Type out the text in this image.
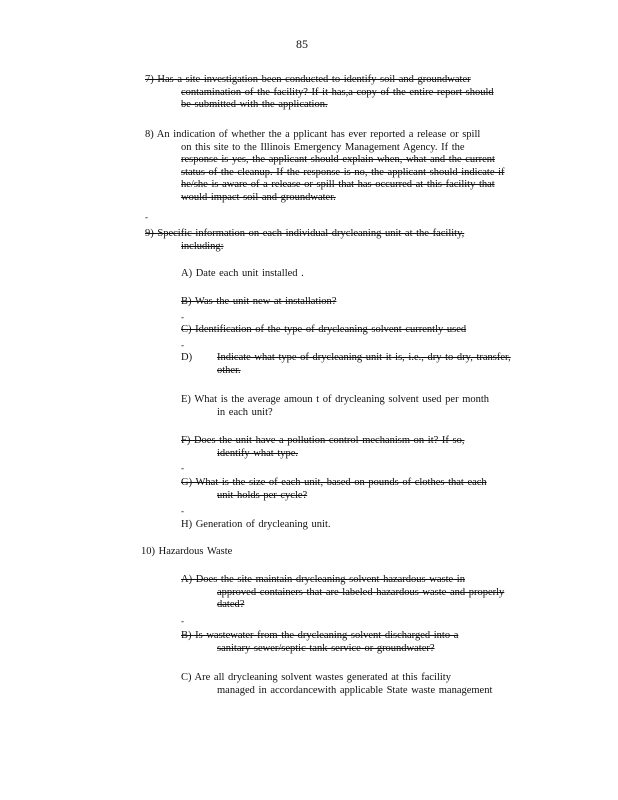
85
7) Has a site investigation been conducted to identify soil and groundwater
contamination of the facility? If it has,a copy of the entire report should
be submitted with the application.
8) An indication of whether the a pplicant has ever reported a release or spill
on this site to the Illinois Emergency Management Agency. If the
response is yes, the applicant should explain when, what and the current
status of the cleanup. If the response is no, the applicant should indicate if
he/she is aware of a release or spill that has occurred at this facility that
would impact soil and groundwater.
-
9) Specific information on each individual drycleaning unit at the facility,
including:
A) Date each unit installed .
B) Was the unit new at installation?
-
C) Identification of the type of drycleaning solvent currently used
-
D) Indicate what type of drycleaning unit it is, i.e., dry to dry, transfer,
other.
E) What is the average amoun t of drycleaning solvent used per month
in each unit?
F) Does the unit have a pollution control mechanism on it? If so,
identify what type.
-
G) What is the size of each unit, based on pounds of clothes that each
unit holds per cycle?
-
H) Generation of drycleaning unit.
10) Hazardous Waste
A) Does the site maintain drycleaning solvent hazardous waste in
approved containers that are labeled hazardous waste and properly
dated?
-
B) Is wastewater from the drycleaning solvent discharged into a
sanitary sewer/septic tank service or groundwater?
C) Are all drycleaning solvent wastes generated at this facility
managed in accordancewith applicable State waste management
